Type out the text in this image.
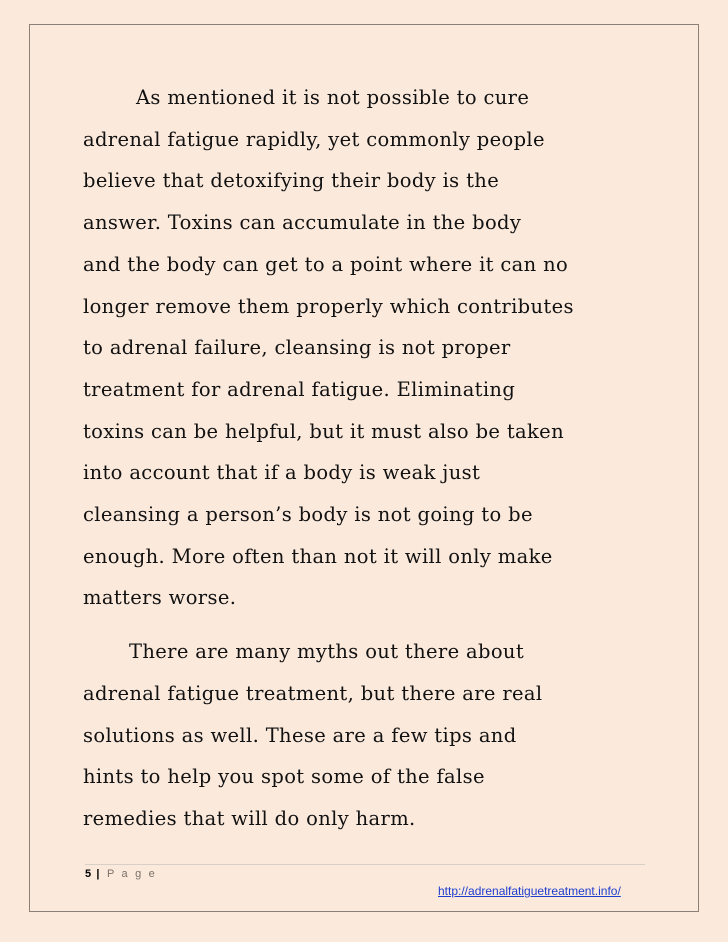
As mentioned it is not possible to cure
adrenal fatigue rapidly, yet commonly people
believe that detoxifying their body is the
answer. Toxins can accumulate in the body
and the body can get to a point where it can no
longer remove them properly which contributes
to adrenal failure, cleansing is not proper
treatment for adrenal fatigue. Eliminating
toxins can be helpful, but it must also be taken
into account that if a body is weak just
cleansing a person’s body is not going to be
enough. More often than not it will only make
matters worse.

There are many myths out there about
adrenal fatigue treatment, but there are real
solutions as well. These are a few tips and
hints to help you spot some of the false
remedies that will do only harm.

5 | P a g e
http://adrenalfatiguetreatment.info/
